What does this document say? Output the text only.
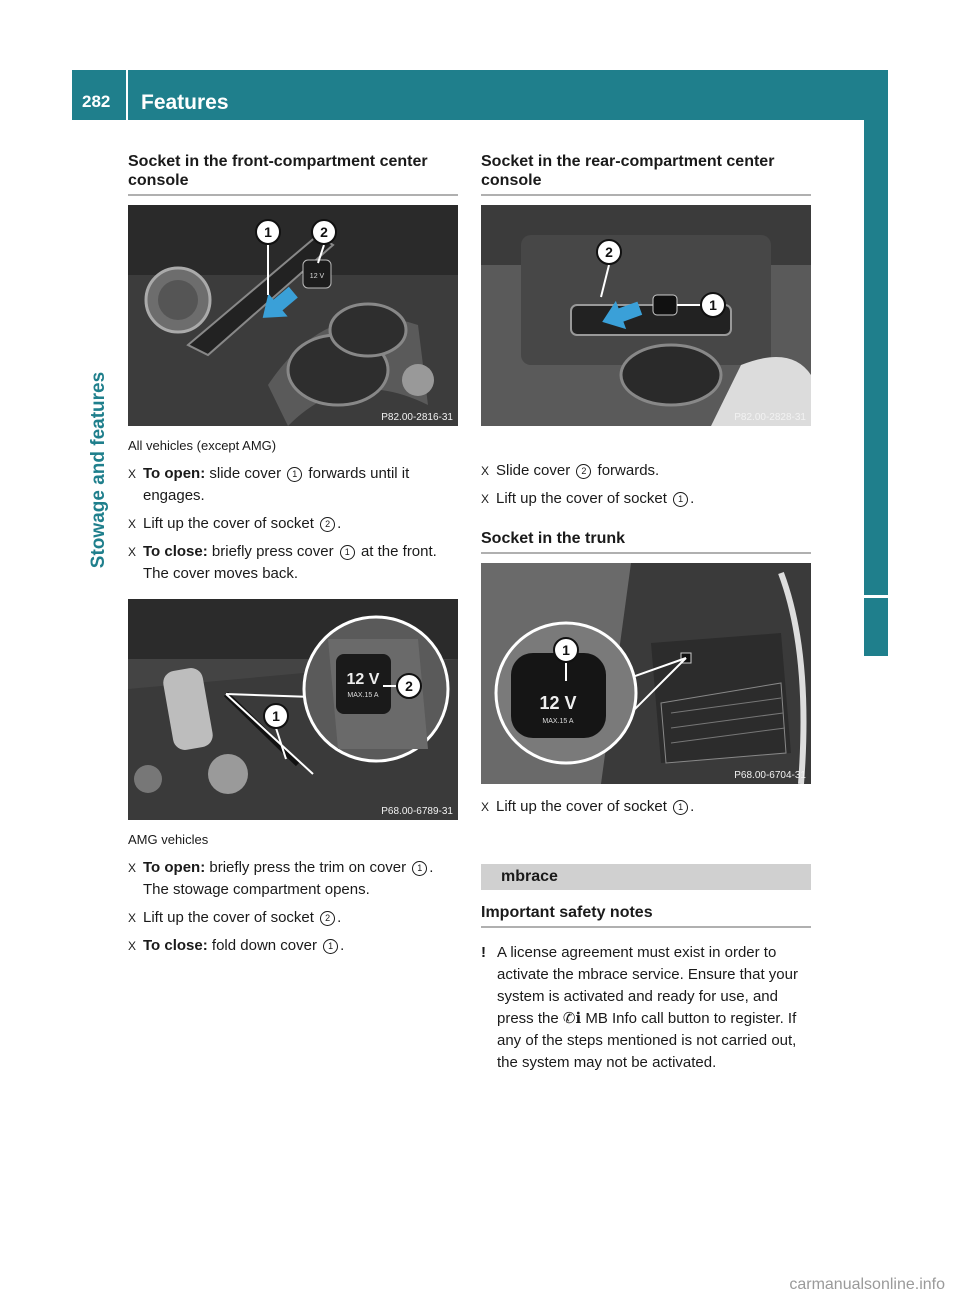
282 Features
Stowage and features
Socket in the front-compartment center console
12 V
1	2
P82.00-2816-31
All vehicles (except AMG)
X To open: slide cover 1 forwards until it engages.
X Lift up the cover of socket 2 .
X To close: briefly press cover 1 at the front.
The cover moves back.
12 V
MAX.15 A
2
1
P68.00-6789-31
AMG vehicles
X To open: briefly press the trim on cover 1 .
The stowage compartment opens.
X Lift up the cover of socket 2 .
X To close: fold down cover 1 .
Socket in the rear-compartment center console
1
2
P82.00-2828-31
X Slide cover 2 forwards.
X Lift up the cover of socket 1 .
Socket in the trunk
12 V
MAX.15 A
1
P68.00-6704-31
X Lift up the cover of socket 1 .
mbrace
Important safety notes
! A license agreement must exist in order to activate the mbrace service. Ensure that your system is activated and ready for use, and press the ✆ℹ MB Info call button to register. If any of the steps mentioned is not carried out, the system may not be activated.
carmanualsonline.info
